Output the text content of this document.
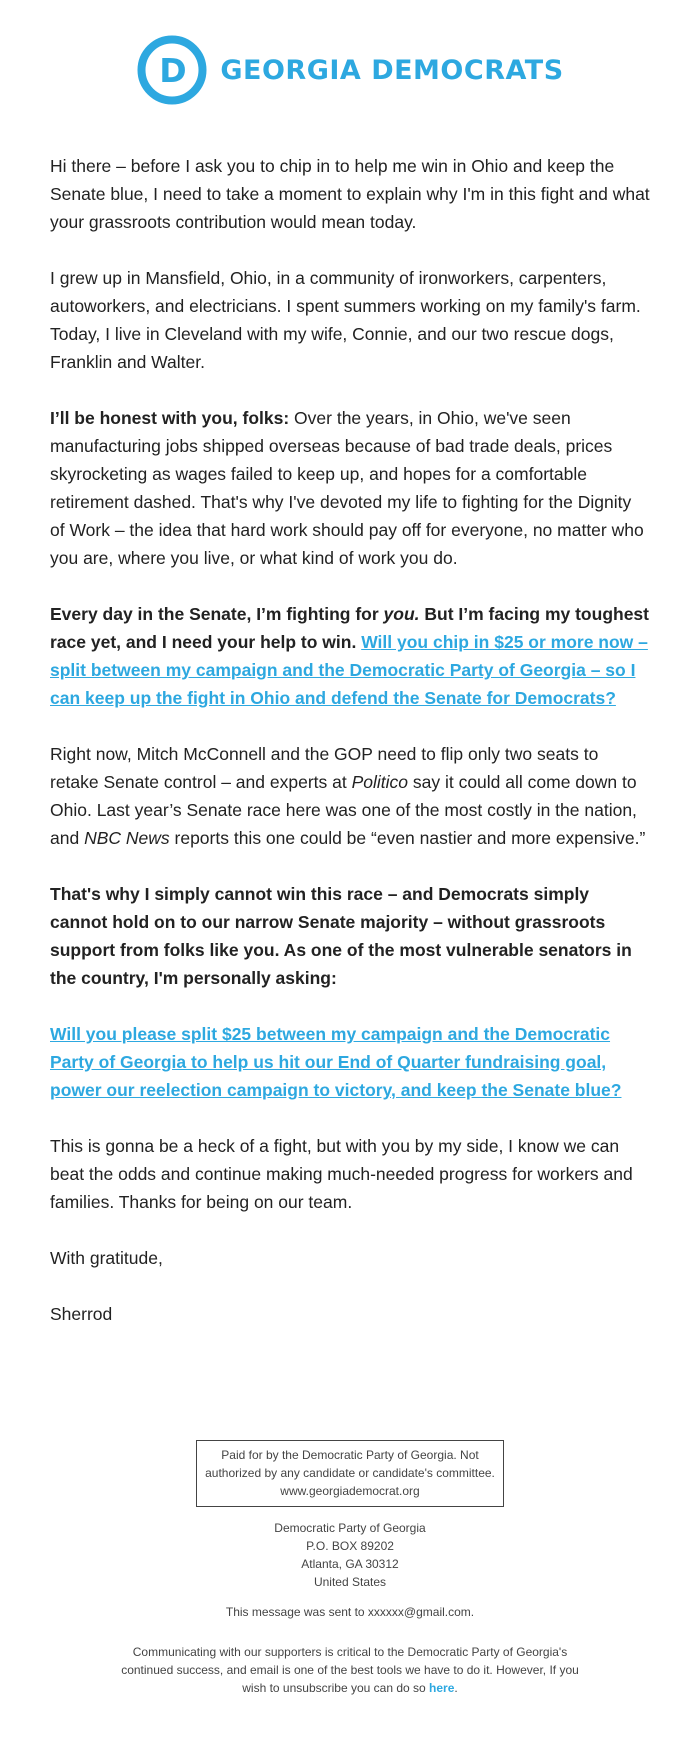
D GEORGIA DEMOCRATS

Hi there – before I ask you to chip in to help me win in Ohio and keep the Senate blue, I need to take a moment to explain why I'm in this fight and what your grassroots contribution would mean today.

I grew up in Mansfield, Ohio, in a community of ironworkers, carpenters, autoworkers, and electricians. I spent summers working on my family's farm. Today, I live in Cleveland with my wife, Connie, and our two rescue dogs, Franklin and Walter.

I’ll be honest with you, folks: Over the years, in Ohio, we've seen manufacturing jobs shipped overseas because of bad trade deals, prices skyrocketing as wages failed to keep up, and hopes for a comfortable retirement dashed. That's why I've devoted my life to fighting for the Dignity of Work – the idea that hard work should pay off for everyone, no matter who you are, where you live, or what kind of work you do.

Every day in the Senate, I’m fighting for you. But I’m facing my toughest race yet, and I need your help to win. Will you chip in $25 or more now – split between my campaign and the Democratic Party of Georgia – so I can keep up the fight in Ohio and defend the Senate for Democrats?

Right now, Mitch McConnell and the GOP need to flip only two seats to retake Senate control – and experts at Politico say it could all come down to Ohio. Last year’s Senate race here was one of the most costly in the nation, and NBC News reports this one could be “even nastier and more expensive.”

That's why I simply cannot win this race – and Democrats simply cannot hold on to our narrow Senate majority – without grassroots support from folks like you. As one of the most vulnerable senators in the country, I'm personally asking:

Will you please split $25 between my campaign and the Democratic Party of Georgia to help us hit our End of Quarter fundraising goal, power our reelection campaign to victory, and keep the Senate blue?

This is gonna be a heck of a fight, but with you by my side, I know we can beat the odds and continue making much-needed progress for workers and families. Thanks for being on our team.

With gratitude,

Sherrod

Paid for by the Democratic Party of Georgia. Not authorized by any candidate or candidate's committee.
www.georgiademocrat.org
Democratic Party of Georgia
P.O. BOX 89202
Atlanta, GA 30312
United States
This message was sent to xxxxxx@gmail.com.
Communicating with our supporters is critical to the Democratic Party of Georgia's continued success, and email is one of the best tools we have to do it. However, If you wish to unsubscribe you can do so here.
